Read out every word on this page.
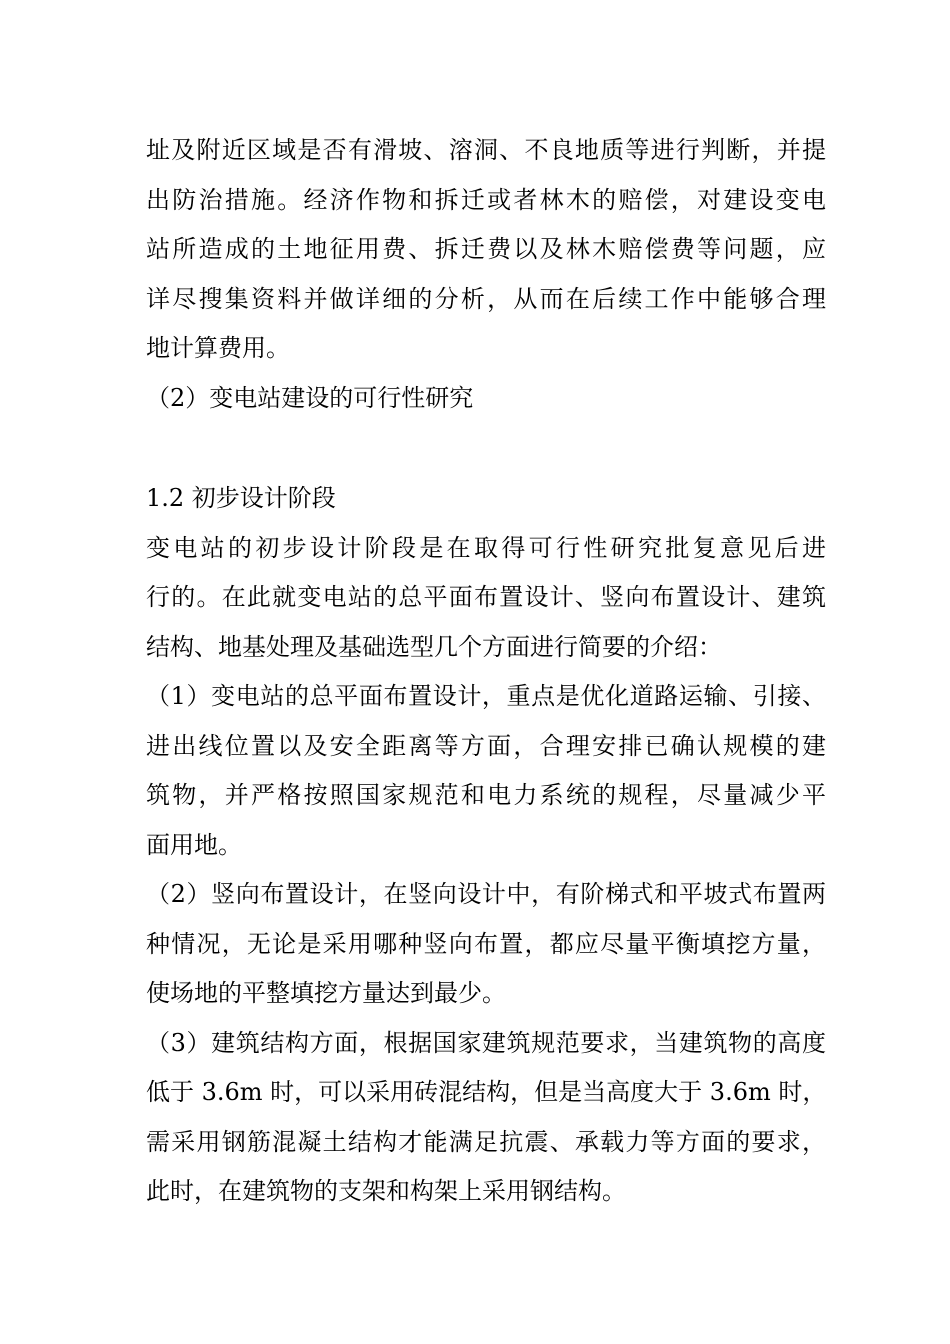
址及附近区域是否有滑坡、溶洞、不良地质等进行判断，并提
出防治措施。经济作物和拆迁或者林木的赔偿，对建设变电
站所造成的土地征用费、拆迁费以及林木赔偿费等问题，应
详尽搜集资料并做详细的分析，从而在后续工作中能够合理
地计算费用。
（2）变电站建设的可行性研究
1.2 初步设计阶段
变电站的初步设计阶段是在取得可行性研究批复意见后进
行的。在此就变电站的总平面布置设计、竖向布置设计、建筑
结构、地基处理及基础选型几个方面进行简要的介绍：
（1）变电站的总平面布置设计，重点是优化道路运输、引接、
进出线位置以及安全距离等方面，合理安排已确认规模的建
筑物，并严格按照国家规范和电力系统的规程，尽量减少平
面用地。
（2）竖向布置设计，在竖向设计中，有阶梯式和平坡式布置两
种情况，无论是采用哪种竖向布置，都应尽量平衡填挖方量，
使场地的平整填挖方量达到最少。
（3）建筑结构方面，根据国家建筑规范要求，当建筑物的高度
低于 3.6m 时，可以采用砖混结构，但是当高度大于 3.6m 时，
需采用钢筋混凝土结构才能满足抗震、承载力等方面的要求，
此时，在建筑物的支架和构架上采用钢结构。
